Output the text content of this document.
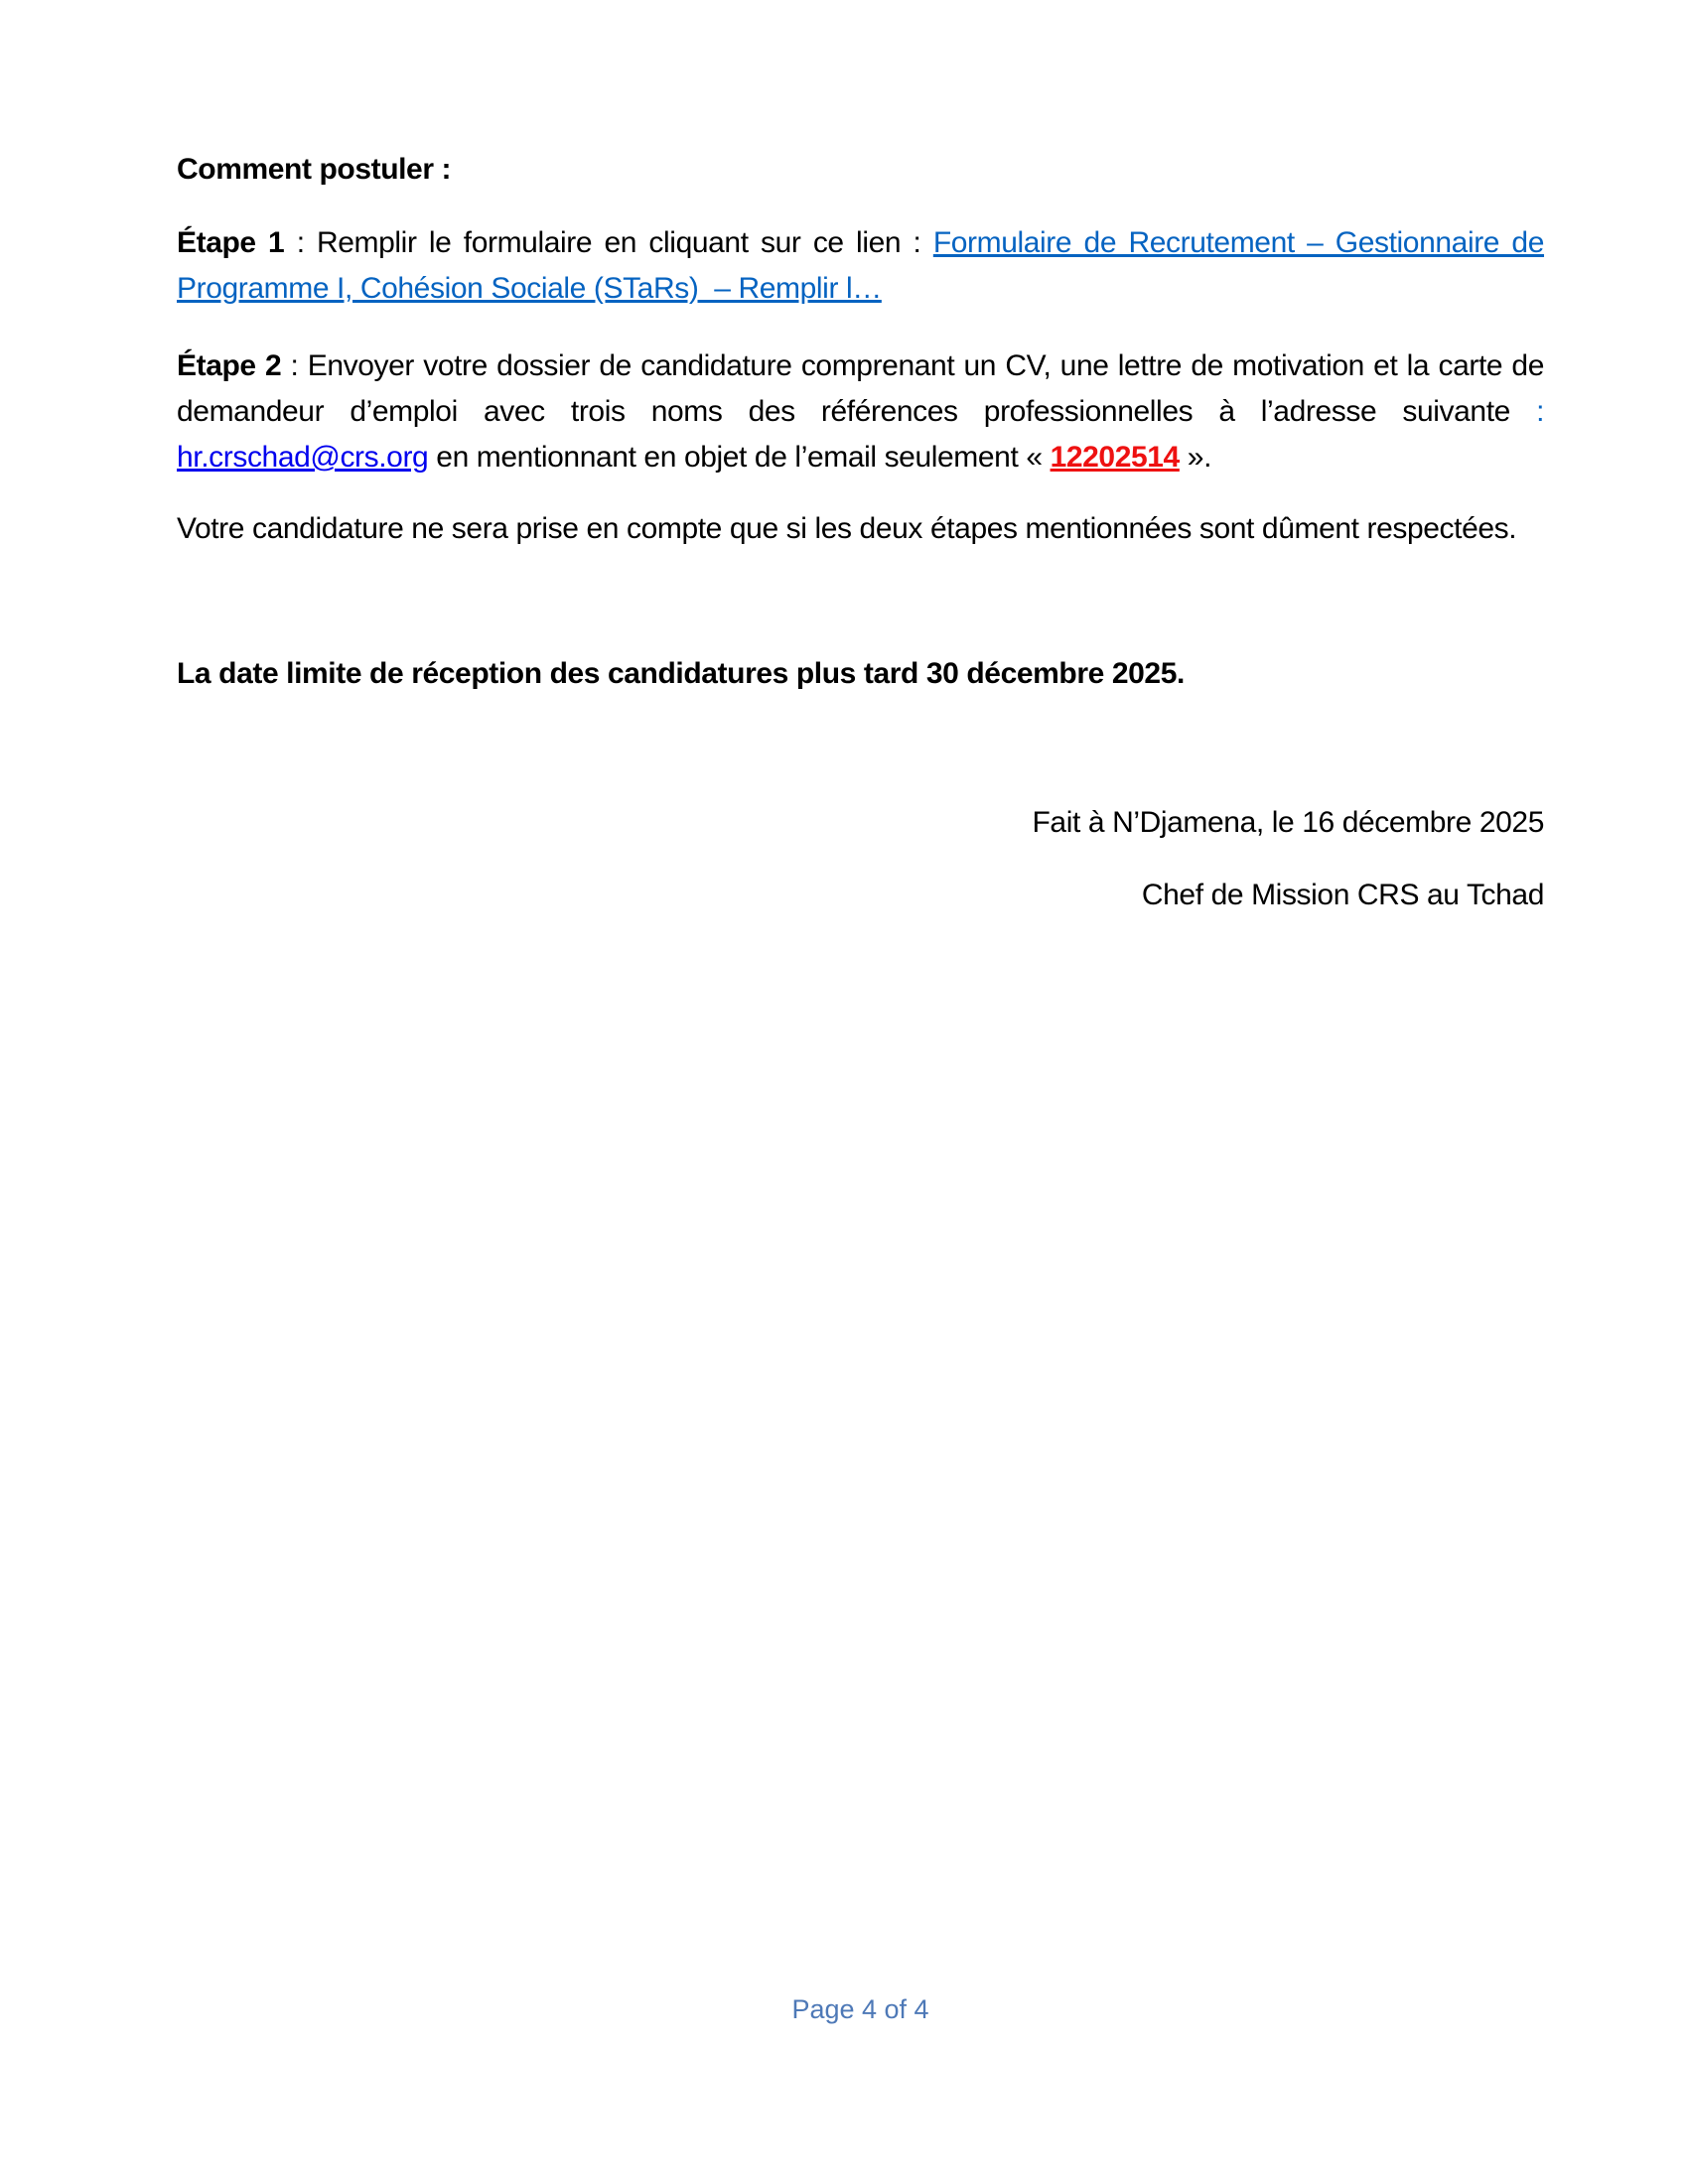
Comment postuler :

Étape 1 : Remplir le formulaire en cliquant sur ce lien : Formulaire de Recrutement – Gestionnaire de Programme I, Cohésion Sociale (STaRs)  – Remplir l…

Étape 2 : Envoyer votre dossier de candidature comprenant un CV, une lettre de motivation et la carte de demandeur d’emploi avec trois noms des références professionnelles à l’adresse suivante : hr.crschad@crs.org en mentionnant en objet de l’email seulement « 12202514 ».

Votre candidature ne sera prise en compte que si les deux étapes mentionnées sont dûment respectées.

La date limite de réception des candidatures plus tard 30 décembre 2025.

Fait à N’Djamena, le 16 décembre 2025

Chef de Mission CRS au Tchad

Page 4 of 4
